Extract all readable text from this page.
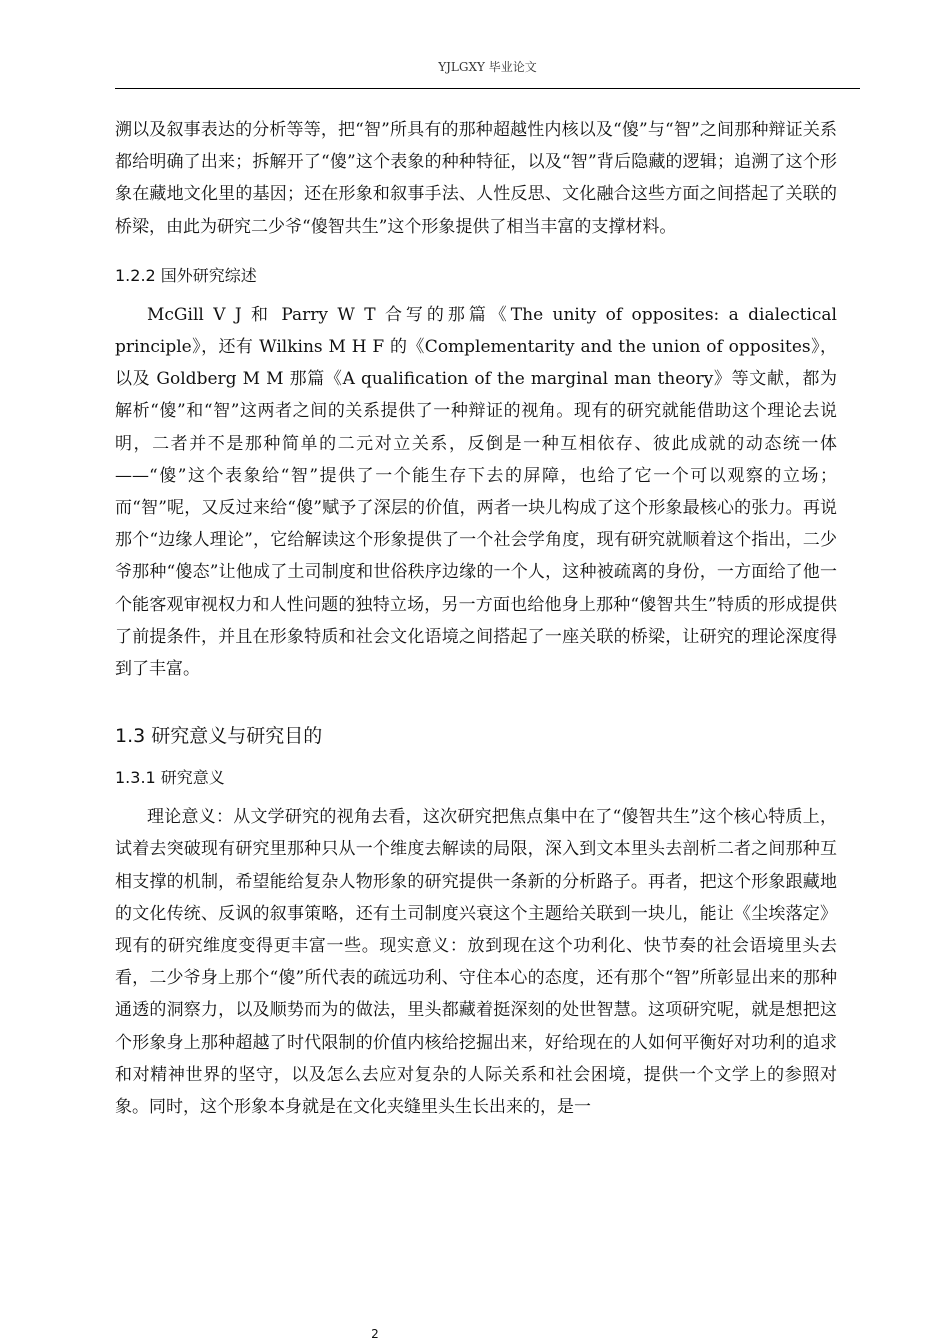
YJLGXY 毕业论文

溯以及叙事表达的分析等等，把“智”所具有的那种超越性内核以及“傻”与“智”之间那种辩证关系都给明确了出来；拆解开了“傻”这个表象的种种特征，以及“智”背后隐藏的逻辑；追溯了这个形象在藏地文化里的基因；还在形象和叙事手法、人性反思、文化融合这些方面之间搭起了关联的桥梁，由此为研究二少爷“傻智共生”这个形象提供了相当丰富的支撑材料。

1.2.2 国外研究综述

McGill V J 和 Parry W T 合写的那篇《The unity of opposites: a dialectical principle》，还有 Wilkins M H F 的《Complementarity and the union of opposites》，以及 Goldberg M M 那篇《A qualification of the marginal man theory》等文献，都为解析“傻”和“智”这两者之间的关系提供了一种辩证的视角。现有的研究就能借助这个理论去说明，二者并不是那种简单的二元对立关系，反倒是一种互相依存、彼此成就的动态统一体——“傻”这个表象给“智”提供了一个能生存下去的屏障，也给了它一个可以观察的立场；而“智”呢，又反过来给“傻”赋予了深层的价值，两者一块儿构成了这个形象最核心的张力。再说那个“边缘人理论”，它给解读这个形象提供了一个社会学角度，现有研究就顺着这个指出，二少爷那种“傻态”让他成了土司制度和世俗秩序边缘的一个人，这种被疏离的身份，一方面给了他一个能客观审视权力和人性问题的独特立场，另一方面也给他身上那种“傻智共生”特质的形成提供了前提条件，并且在形象特质和社会文化语境之间搭起了一座关联的桥梁，让研究的理论深度得到了丰富。

1.3 研究意义与研究目的
1.3.1 研究意义

理论意义：从文学研究的视角去看，这次研究把焦点集中在了“傻智共生”这个核心特质上，试着去突破现有研究里那种只从一个维度去解读的局限，深入到文本里头去剖析二者之间那种互相支撑的机制，希望能给复杂人物形象的研究提供一条新的分析路子。再者，把这个形象跟藏地的文化传统、反讽的叙事策略，还有土司制度兴衰这个主题给关联到一块儿，能让《尘埃落定》现有的研究维度变得更丰富一些。现实意义：放到现在这个功利化、快节奏的社会语境里头去看，二少爷身上那个“傻”所代表的疏远功利、守住本心的态度，还有那个“智”所彰显出来的那种通透的洞察力，以及顺势而为的做法，里头都藏着挺深刻的处世智慧。这项研究呢，就是想把这个形象身上那种超越了时代限制的价值内核给挖掘出来，好给现在的人如何平衡好对功利的追求和对精神世界的坚守，以及怎么去应对复杂的人际关系和社会困境，提供一个文学上的参照对象。同时，这个形象本身就是在文化夹缝里头生长出来的，是一

2
